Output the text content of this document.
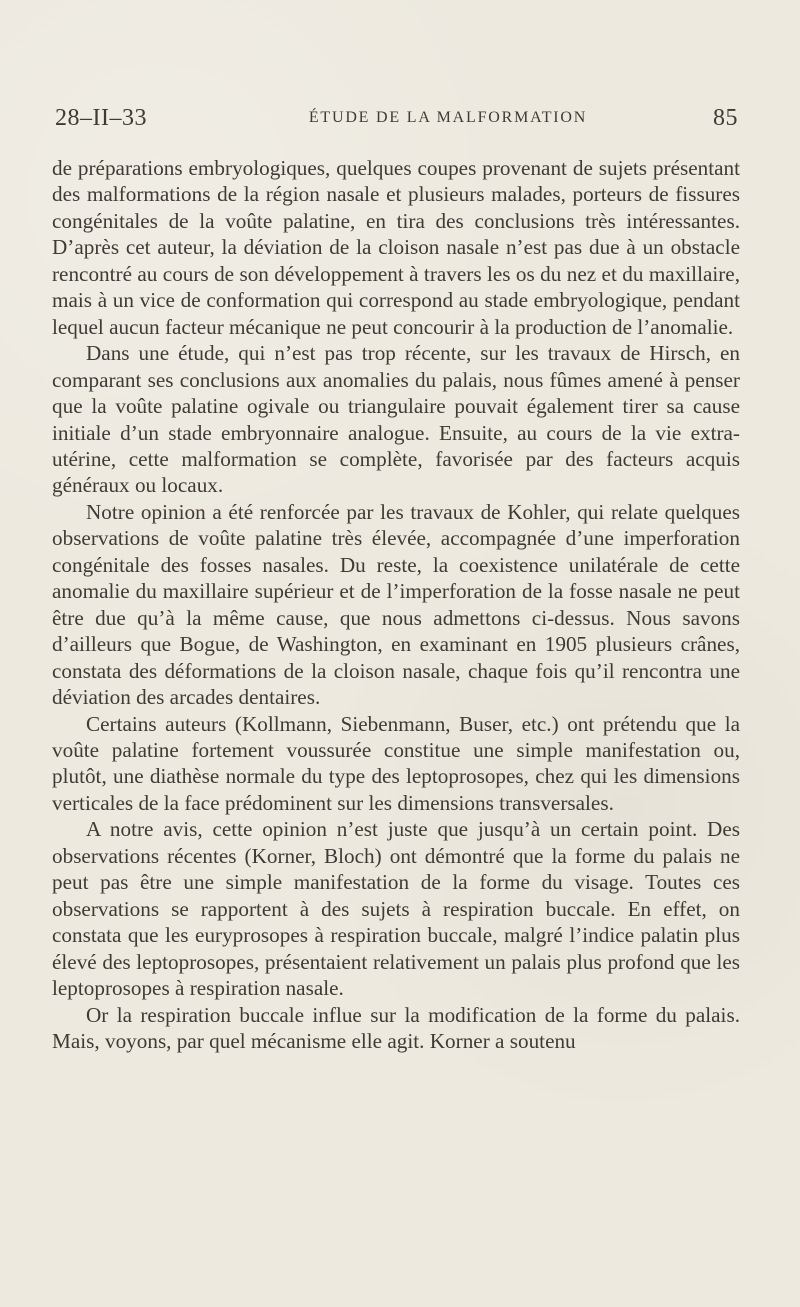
28–II–33	ÉTUDE DE LA MALFORMATION	85

de préparations embryologiques, quelques coupes provenant de sujets présentant des malformations de la région nasale et plusieurs malades, porteurs de fissures congénitales de la voûte palatine, en tira des conclusions très intéressantes. D’après cet auteur, la déviation de la cloison nasale n’est pas due à un obstacle rencontré au cours de son développement à travers les os du nez et du maxillaire, mais à un vice de conformation qui correspond au stade embryologique, pendant lequel aucun facteur mécanique ne peut concourir à la production de l’anomalie.

Dans une étude, qui n’est pas trop récente, sur les travaux de Hirsch, en comparant ses conclusions aux anomalies du palais, nous fûmes amené à penser que la voûte palatine ogivale ou triangulaire pouvait également tirer sa cause initiale d’un stade embryonnaire analogue. Ensuite, au cours de la vie extra-utérine, cette malformation se complète, favorisée par des facteurs acquis généraux ou locaux.

Notre opinion a été renforcée par les travaux de Kohler, qui relate quelques observations de voûte palatine très élevée, accompagnée d’une imperforation congénitale des fosses nasales. Du reste, la coexistence unilatérale de cette anomalie du maxillaire supérieur et de l’imperforation de la fosse nasale ne peut être due qu’à la même cause, que nous admettons ci-dessus. Nous savons d’ailleurs que Bogue, de Washington, en examinant en 1905 plusieurs crânes, constata des déformations de la cloison nasale, chaque fois qu’il rencontra une déviation des arcades dentaires.

Certains auteurs (Kollmann, Siebenmann, Buser, etc.) ont prétendu que la voûte palatine fortement voussurée constitue une simple manifestation ou, plutôt, une diathèse normale du type des leptoprosopes, chez qui les dimensions verticales de la face prédominent sur les dimensions transversales.

A notre avis, cette opinion n’est juste que jusqu’à un certain point. Des observations récentes (Korner, Bloch) ont démontré que la forme du palais ne peut pas être une simple manifestation de la forme du visage. Toutes ces observations se rapportent à des sujets à respiration buccale. En effet, on constata que les euryprosopes à respiration buccale, malgré l’indice palatin plus élevé des leptoprosopes, présentaient relativement un palais plus profond que les leptoprosopes à respiration nasale.

Or la respiration buccale influe sur la modification de la forme du palais. Mais, voyons, par quel mécanisme elle agit. Korner a soutenu
